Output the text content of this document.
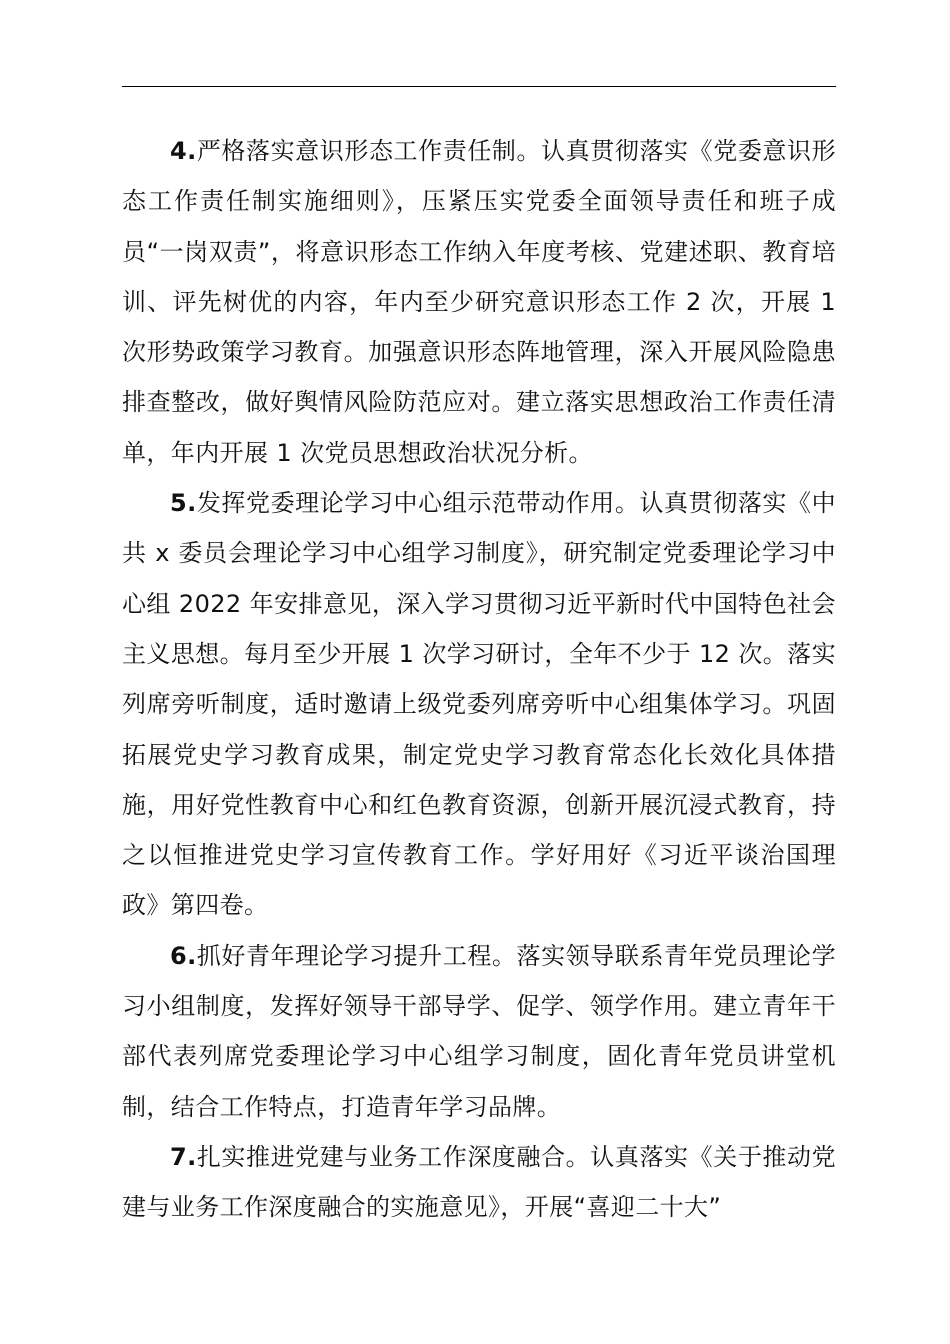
4.严格落实意识形态工作责任制。认真贯彻落实《党委意识形态工作责任制实施细则》，压紧压实党委全面领导责任和班子成员“一岗双责”，将意识形态工作纳入年度考核、党建述职、教育培训、评先树优的内容，年内至少研究意识形态工作 2 次，开展 1 次形势政策学习教育。加强意识形态阵地管理，深入开展风险隐患排查整改，做好舆情风险防范应对。建立落实思想政治工作责任清单，年内开展 1 次党员思想政治状况分析。

5.发挥党委理论学习中心组示范带动作用。认真贯彻落实《中共 x 委员会理论学习中心组学习制度》，研究制定党委理论学习中心组 2022 年安排意见，深入学习贯彻习近平新时代中国特色社会主义思想。每月至少开展 1 次学习研讨，全年不少于 12 次。落实列席旁听制度，适时邀请上级党委列席旁听中心组集体学习。巩固拓展党史学习教育成果，制定党史学习教育常态化长效化具体措施，用好党性教育中心和红色教育资源，创新开展沉浸式教育，持之以恒推进党史学习宣传教育工作。学好用好《习近平谈治国理政》第四卷。

6.抓好青年理论学习提升工程。落实领导联系青年党员理论学习小组制度，发挥好领导干部导学、促学、领学作用。建立青年干部代表列席党委理论学习中心组学习制度，固化青年党员讲堂机制，结合工作特点，打造青年学习品牌。

7.扎实推进党建与业务工作深度融合。认真落实《关于推动党建与业务工作深度融合的实施意见》，开展“喜迎二十大”
